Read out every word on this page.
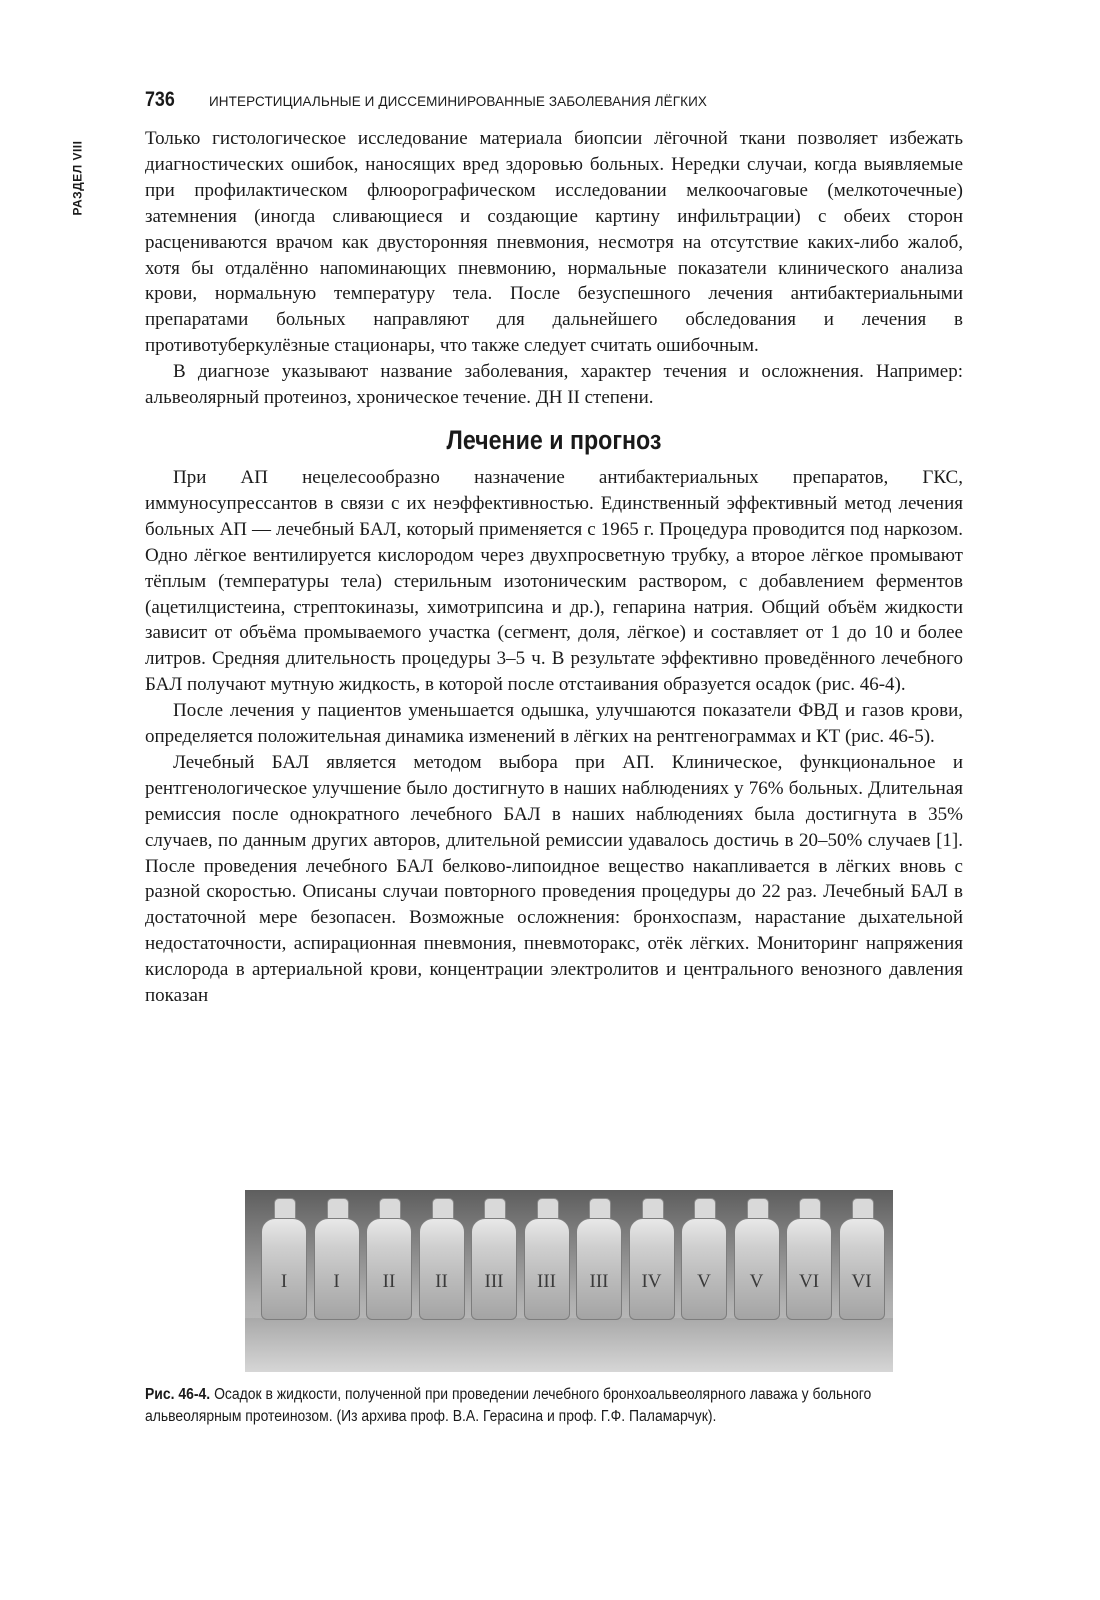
РАЗДЕЛ VIII
736	ИНТЕРСТИЦИАЛЬНЫЕ И ДИССЕМИНИРОВАННЫЕ ЗАБОЛЕВАНИЯ ЛЁГКИХ

Только гистологическое исследование материала биопсии лёгочной ткани позволяет избежать диагностических ошибок, наносящих вред здоровью больных. Нередки случаи, когда выявляемые при профилактическом флюорографическом исследовании мелкоочаговые (мелкоточечные) затемнения (иногда сливающиеся и создающие картину инфильтрации) с обеих сторон расцениваются врачом как двусторонняя пневмония, несмотря на отсутствие каких-либо жалоб, хотя бы отдалённо напоминающих пневмонию, нормальные показатели клинического анализа крови, нормальную температуру тела. После безуспешного лечения антибактериальными препаратами больных направляют для дальнейшего обследования и лечения в противотуберкулёзные стационары, что также следует считать ошибочным.

В диагнозе указывают название заболевания, характер течения и осложнения. Например: альвеолярный протеиноз, хроническое течение. ДН II степени.

Лечение и прогноз

При АП нецелесообразно назначение антибактериальных препаратов, ГКС, иммуносупрессантов в связи с их неэффективностью. Единственный эффективный метод лечения больных АП — лечебный БАЛ, который применяется с 1965 г. Процедура проводится под наркозом. Одно лёгкое вентилируется кислородом через двухпросветную трубку, а второе лёгкое промывают тёплым (температуры тела) стерильным изотоническим раствором, с добавлением ферментов (ацетилцистеина, стрептокиназы, химотрипсина и др.), гепарина натрия. Общий объём жидкости зависит от объёма промываемого участка (сегмент, доля, лёгкое) и составляет от 1 до 10 и более литров. Средняя длительность процедуры 3–5 ч. В результате эффективно проведённого лечебного БАЛ получают мутную жидкость, в которой после отстаивания образуется осадок (рис. 46-4).

После лечения у пациентов уменьшается одышка, улучшаются показатели ФВД и газов крови, определяется положительная динамика изменений в лёгких на рентгенограммах и КТ (рис. 46-5).

Лечебный БАЛ является методом выбора при АП. Клиническое, функциональное и рентгенологическое улучшение было достигнуто в наших наблюдениях у 76% больных. Длительная ремиссия после однократного лечебного БАЛ в наших наблюдениях была достигнута в 35% случаев, по данным других авторов, длительной ремиссии удавалось достичь в 20–50% случаев [1]. После проведения лечебного БАЛ белково-липоидное вещество накапливается в лёгких вновь с разной скоростью. Описаны случаи повторного проведения процедуры до 22 раз. Лечебный БАЛ в достаточной мере безопасен. Возможные осложнения: бронхоспазм, нарастание дыхательной недостаточности, аспирационная пневмония, пневмоторакс, отёк лёгких. Мониторинг напряжения кислорода в артериальной крови, концентрации электролитов и центрального венозного давления показан

I	I	II	II	III	III	III	IV	V	V	VI	VI
Рис. 46-4. Осадок в жидкости, полученной при проведении лечебного бронхоальвеолярного лаважа у больного альвеолярным протеинозом. (Из архива проф. В.А. Герасина и проф. Г.Ф. Паламарчук).
